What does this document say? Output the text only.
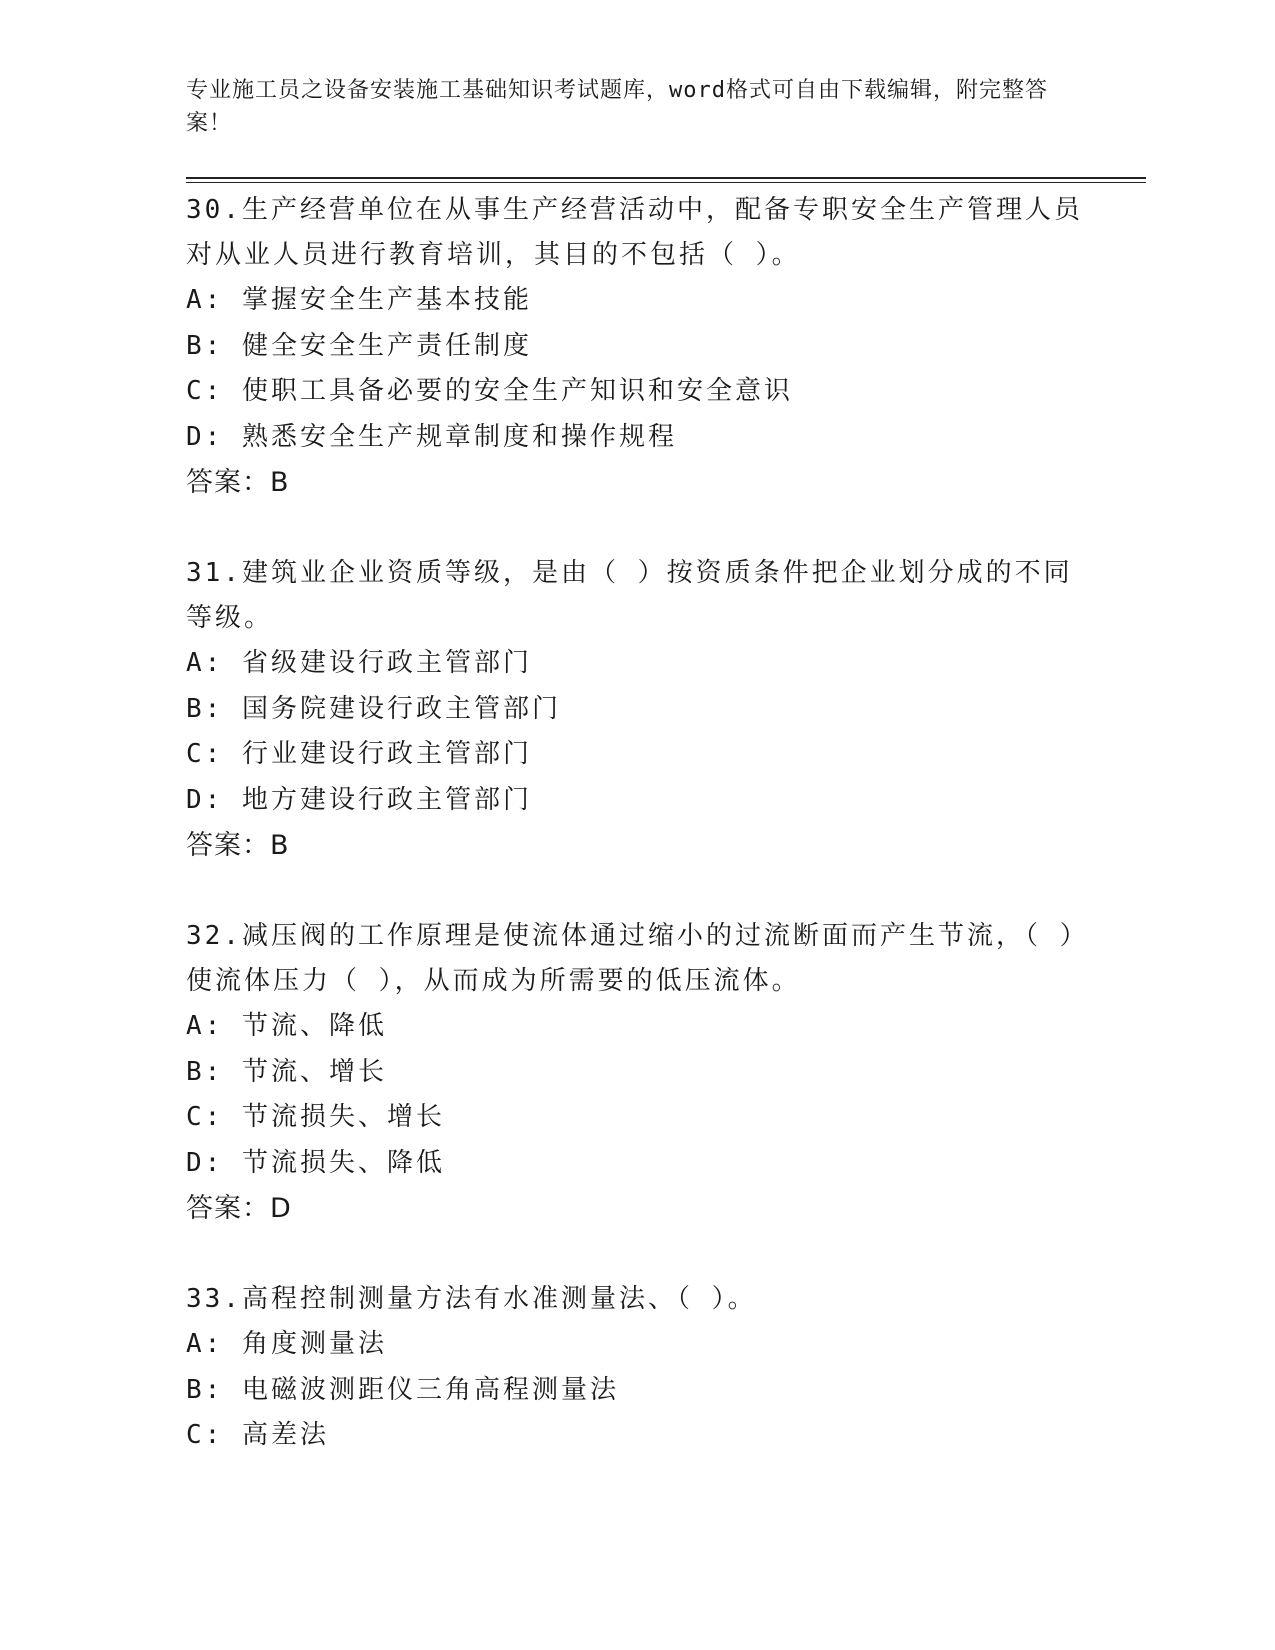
专业施工员之设备安装施工基础知识考试题库，word格式可自由下载编辑，附完整答案！

30.生产经营单位在从事生产经营活动中，配备专职安全生产管理人员对从业人员进行教育培训，其目的不包括（ ）。

A: 掌握安全生产基本技能

B: 健全安全生产责任制度

C: 使职工具备必要的安全生产知识和安全意识

D: 熟悉安全生产规章制度和操作规程

答案：B

31.建筑业企业资质等级，是由（ ）按资质条件把企业划分成的不同等级。

A: 省级建设行政主管部门

B: 国务院建设行政主管部门

C: 行业建设行政主管部门

D: 地方建设行政主管部门

答案：B

32.减压阀的工作原理是使流体通过缩小的过流断面而产生节流，（ ）使流体压力（ ），从而成为所需要的低压流体。

A: 节流、降低

B: 节流、增长

C: 节流损失、增长

D: 节流损失、降低

答案：D

33.高程控制测量方法有水准测量法、（ ）。

A: 角度测量法

B: 电磁波测距仪三角高程测量法

C: 高差法
